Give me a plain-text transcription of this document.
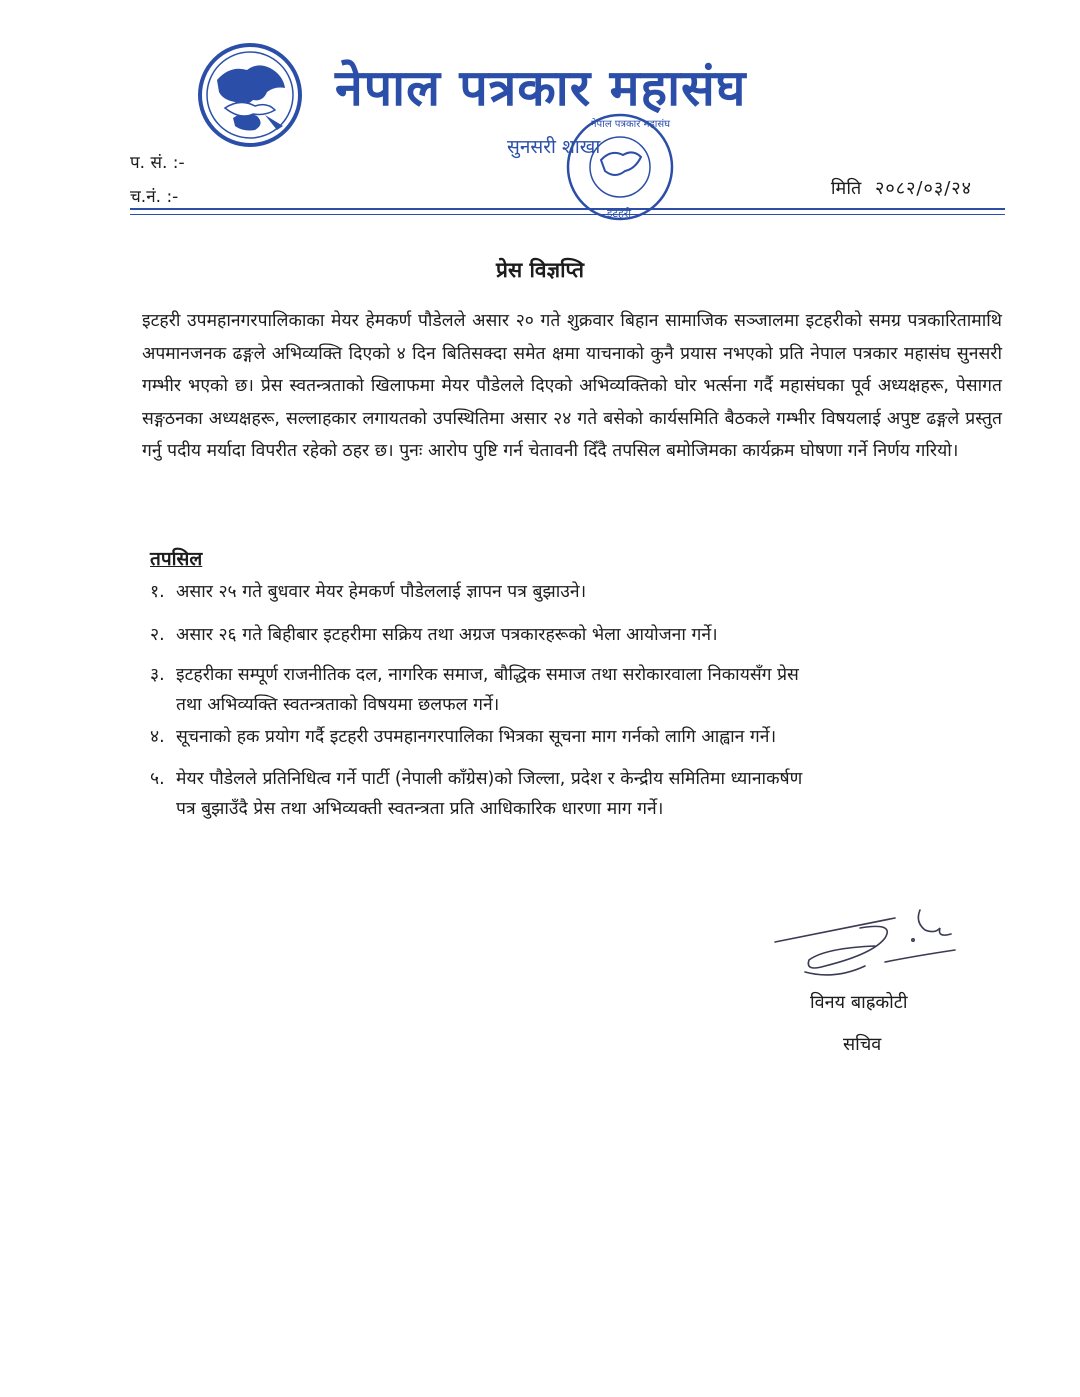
नेपाल पत्रकार महासंघ
सुनसरी शाखा
नेपाल पत्रकार महासंघ
इटहरी
प. सं. :-
च.नं. :-	मिति २०८२/०३/२४
प्रेस विज्ञप्ति

इटहरी उपमहानगरपालिकाका मेयर हेमकर्ण पौडेलले असार २० गते शुक्रवार बिहान सामाजिक सञ्जालमा इटहरीको समग्र पत्रकारितामाथि अपमानजनक ढङ्गले अभिव्यक्ति दिएको ४ दिन बितिसक्दा समेत क्षमा याचनाको कुनै प्रयास नभएको प्रति नेपाल पत्रकार महासंघ सुनसरी गम्भीर भएको छ। प्रेस स्वतन्त्रताको खिलाफमा मेयर पौडेलले दिएको अभिव्यक्तिको घोर भर्त्सना गर्दै महासंघका पूर्व अध्यक्षहरू, पेसागत सङ्गठनका अध्यक्षहरू, सल्लाहकार लगायतको उपस्थितिमा असार २४ गते बसेको कार्यसमिति बैठकले गम्भीर विषयलाई अपुष्ट ढङ्गले प्रस्तुत गर्नु पदीय मर्यादा विपरीत रहेको ठहर छ। पुनः आरोप पुष्टि गर्न चेतावनी दिँदै तपसिल बमोजिमका कार्यक्रम घोषणा गर्ने निर्णय गरियो।

तपसिल
१. असार २५ गते बुधवार मेयर हेमकर्ण पौडेललाई ज्ञापन पत्र बुझाउने।
२. असार २६ गते बिहीबार इटहरीमा सक्रिय तथा अग्रज पत्रकारहरूको भेला आयोजना गर्ने।
३. इटहरीका सम्पूर्ण राजनीतिक दल, नागरिक समाज, बौद्धिक समाज तथा सरोकारवाला निकायसँग प्रेस
तथा अभिव्यक्ति स्वतन्त्रताको विषयमा छलफल गर्ने।
४. सूचनाको हक प्रयोग गर्दै इटहरी उपमहानगरपालिका भित्रका सूचना माग गर्नको लागि आह्वान गर्ने।
५. मेयर पौडेलले प्रतिनिधित्व गर्ने पार्टी (नेपाली काँग्रेस)को जिल्ला, प्रदेश र केन्द्रीय समितिमा ध्यानाकर्षण
पत्र बुझाउँदै प्रेस तथा अभिव्यक्ती स्वतन्त्रता प्रति आधिकारिक धारणा माग गर्ने।
विनय बाह्रकोटी
सचिव
